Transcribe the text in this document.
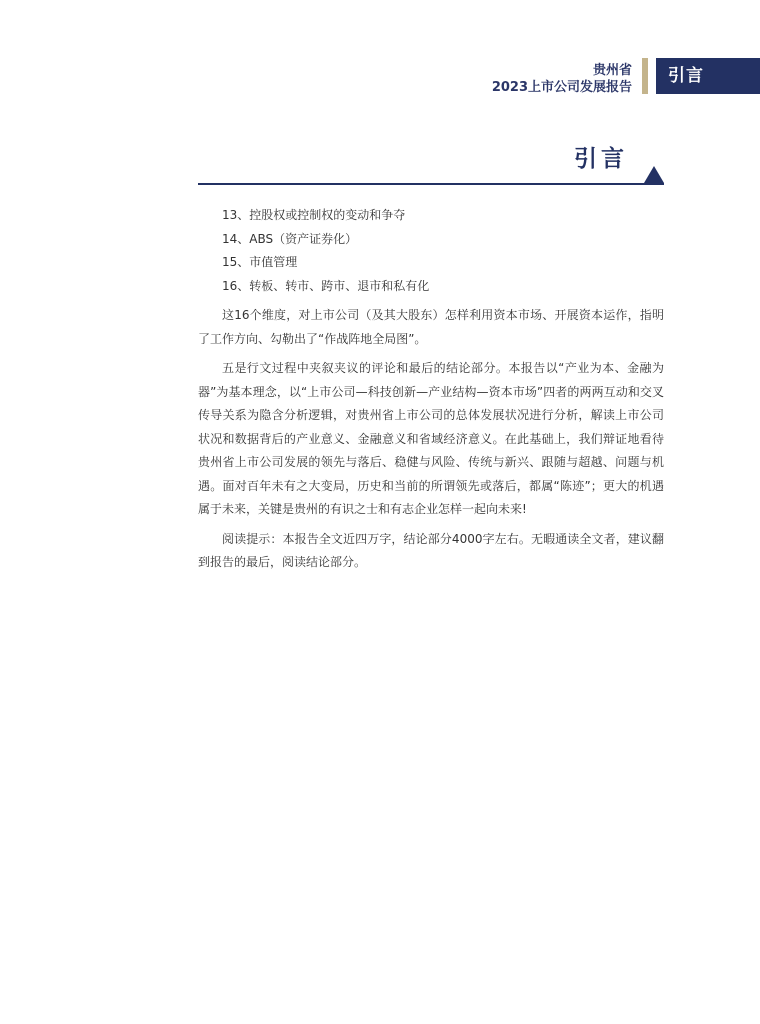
贵州省
2023上市公司发展报告
引言
引言

13、控股权或控制权的变动和争夺

14、ABS（资产证券化）

15、市值管理

16、转板、转市、跨市、退市和私有化

这16个维度，对上市公司（及其大股东）怎样利用资本市场、开展资本运作，指明了工作方向、勾勒出了“作战阵地全局图”。

五是行文过程中夹叙夹议的评论和最后的结论部分。本报告以“产业为本、金融为器”为基本理念，以“上市公司—科技创新—产业结构—资本市场”四者的两两互动和交叉传导关系为隐含分析逻辑，对贵州省上市公司的总体发展状况进行分析，解读上市公司状况和数据背后的产业意义、金融意义和省域经济意义。在此基础上，我们辩证地看待贵州省上市公司发展的领先与落后、稳健与风险、传统与新兴、跟随与超越、问题与机遇。面对百年未有之大变局，历史和当前的所谓领先或落后，都属“陈迹”；更大的机遇属于未来，关键是贵州的有识之士和有志企业怎样一起向未来!

阅读提示：本报告全文近四万字，结论部分4000字左右。无暇通读全文者，建议翻到报告的最后，阅读结论部分。
